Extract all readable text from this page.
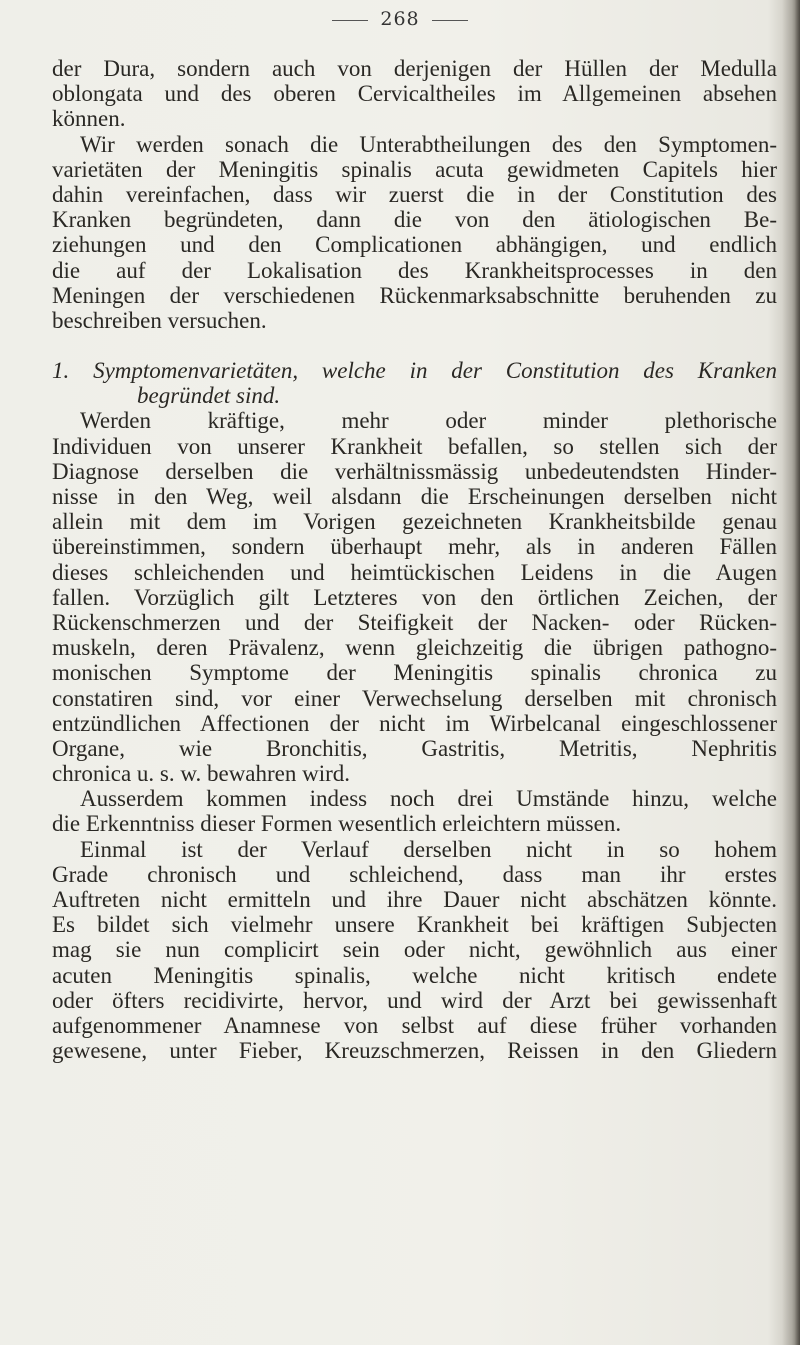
268
der Dura, sondern auch von derjenigen der Hüllen der Medulla
oblongata und des oberen Cervicaltheiles im Allgemeinen absehen
können.
Wir werden sonach die Unterabtheilungen des den Symptomen-
varietäten der Meningitis spinalis acuta gewidmeten Capitels hier
dahin vereinfachen, dass wir zuerst die in der Constitution des
Kranken begründeten, dann die von den ätiologischen Be-
ziehungen und den Complicationen abhängigen, und endlich
die auf der Lokalisation des Krankheitsprocesses in den
Meningen der verschiedenen Rückenmarksabschnitte beruhenden zu
beschreiben versuchen.
1. Symptomenvarietäten, welche in der Constitution des Kranken
begründet sind.
Werden kräftige, mehr oder minder plethorische
Individuen von unserer Krankheit befallen, so stellen sich der
Diagnose derselben die verhältnissmässig unbedeutendsten Hinder-
nisse in den Weg, weil alsdann die Erscheinungen derselben nicht
allein mit dem im Vorigen gezeichneten Krankheitsbilde genau
übereinstimmen, sondern überhaupt mehr, als in anderen Fällen
dieses schleichenden und heimtückischen Leidens in die Augen
fallen. Vorzüglich gilt Letzteres von den örtlichen Zeichen, der
Rückenschmerzen und der Steifigkeit der Nacken- oder Rücken-
muskeln, deren Prävalenz, wenn gleichzeitig die übrigen pathogno-
monischen Symptome der Meningitis spinalis chronica zu
constatiren sind, vor einer Verwechselung derselben mit chronisch
entzündlichen Affectionen der nicht im Wirbelcanal eingeschlossener
Organe, wie Bronchitis, Gastritis, Metritis, Nephritis
chronica u. s. w. bewahren wird.
Ausserdem kommen indess noch drei Umstände hinzu, welche
die Erkenntniss dieser Formen wesentlich erleichtern müssen.
Einmal ist der Verlauf derselben nicht in so hohem
Grade chronisch und schleichend, dass man ihr erstes
Auftreten nicht ermitteln und ihre Dauer nicht abschätzen könnte.
Es bildet sich vielmehr unsere Krankheit bei kräftigen Subjecten
mag sie nun complicirt sein oder nicht, gewöhnlich aus einer
acuten Meningitis spinalis, welche nicht kritisch endete
oder öfters recidivirte, hervor, und wird der Arzt bei gewissenhaft
aufgenommener Anamnese von selbst auf diese früher vorhanden
gewesene, unter Fieber, Kreuzschmerzen, Reissen in den Gliedern
